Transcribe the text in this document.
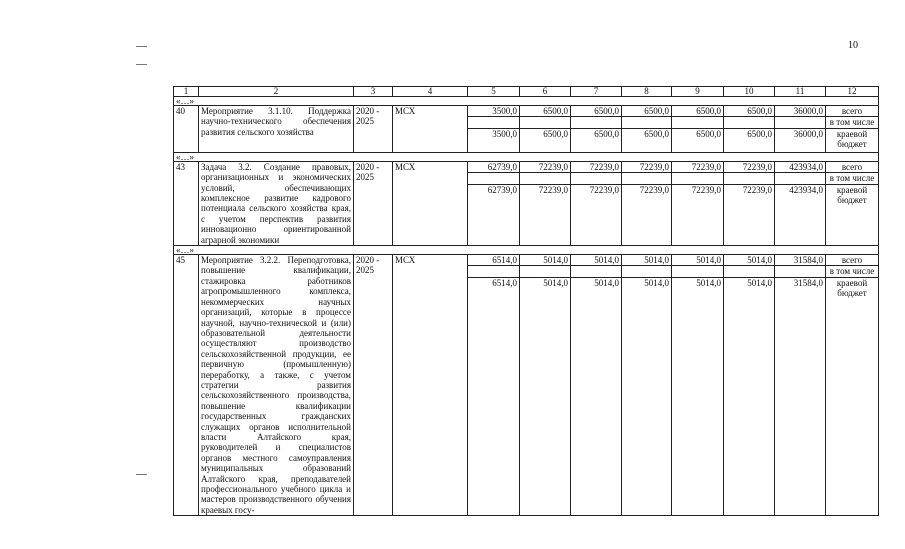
10
1	2	3	4	5	6	7	8	9	10	11	12
«…»											
40	Мероприятие 3.1.10. Поддержка научно-технического обеспечения развития сельского хозяйства	2020 - 2025	МСХ	3500,0	6500,0	6500,0	6500,0	6500,0	6500,0	36000,0	всего
											в том числе
				3500,0	6500,0	6500,0	6500,0	6500,0	6500,0	36000,0	краевой бюджет
«…»											
43	Задача 3.2. Создание правовых, организационных и экономических условий, обеспечивающих комплексное развитие кадрового потенциала сельского хозяйства края, с учетом перспектив развития инновационно ориентированной аграрной экономики	2020 - 2025	МСХ	62739,0	72239,0	72239,0	72239,0	72239,0	72239,0	423934,0	всего
											в том числе
				62739,0	72239,0	72239,0	72239,0	72239,0	72239,0	423934,0	краевой бюджет
«…»											
45	Мероприятие 3.2.2. Переподготовка, повышение квалификации, стажировка работников агропромышленного комплекса, некоммерческих научных организаций, которые в процессе научной, научно-технической и (или) образовательной деятельности осуществляют производство сельскохозяйственной продукции, ее первичную (промышленную) переработку, а также, с учетом стратегии развития сельскохозяйственного производства, повышение квалификации государственных гражданских служащих органов исполнительной власти Алтайского края, руководителей и специалистов органов местного самоуправления муниципальных образований Алтайского края, преподавателей профессионального учебного цикла и мастеров производственного обучения краевых госу-	2020 - 2025	МСХ	6514,0	5014,0	5014,0	5014,0	5014,0	5014,0	31584,0	всего
											в том числе
				6514,0	5014,0	5014,0	5014,0	5014,0	5014,0	31584,0	краевой бюджет
